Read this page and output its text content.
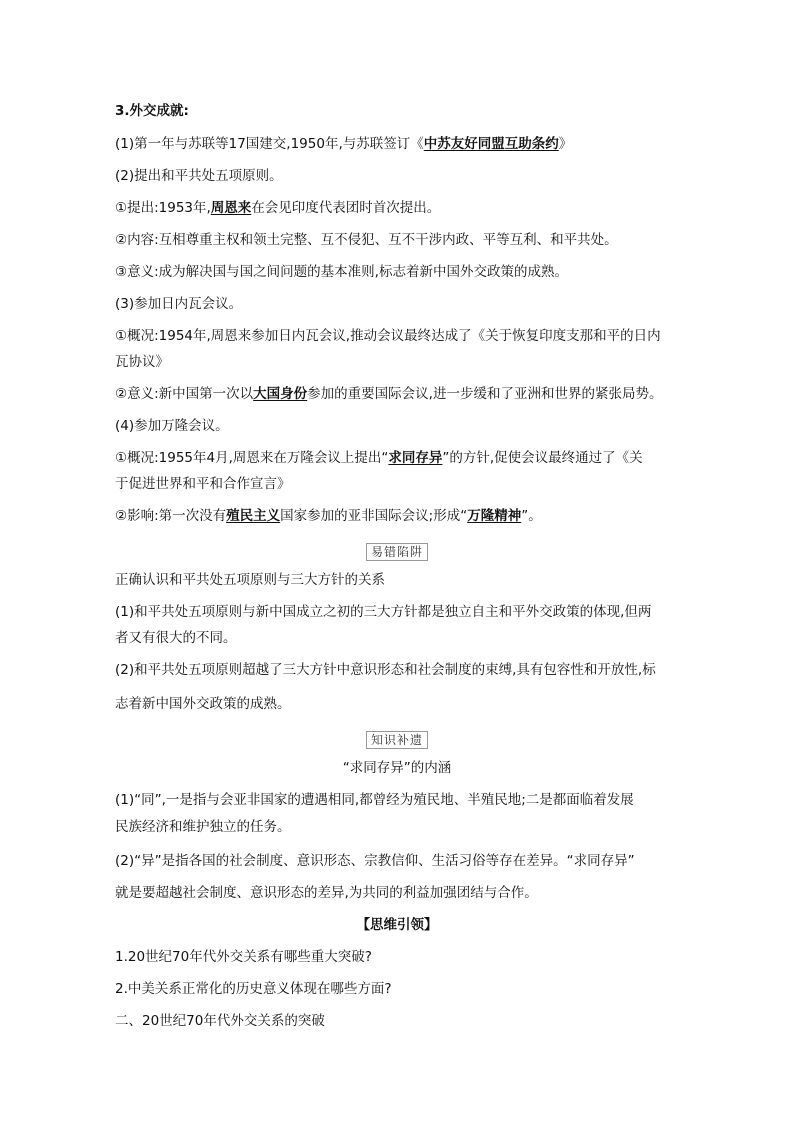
3.外交成就:
(1)第一年与苏联等17国建交,1950年,与苏联签订《中苏友好同盟互助条约》
(2)提出和平共处五项原则。
①提出:1953年,周恩来在会见印度代表团时首次提出。
②内容:互相尊重主权和领土完整、互不侵犯、互不干涉内政、平等互利、和平共处。
③意义:成为解决国与国之间问题的基本准则,标志着新中国外交政策的成熟。
(3)参加日内瓦会议。
①概况:1954年,周恩来参加日内瓦会议,推动会议最终达成了《关于恢复印度支那和平的日内
瓦协议》
②意义:新中国第一次以大国身份参加的重要国际会议,进一步缓和了亚洲和世界的紧张局势。
(4)参加万隆会议。
①概况:1955年4月,周恩来在万隆会议上提出“求同存异”的方针,促使会议最终通过了《关
于促进世界和平和合作宣言》
②影响:第一次没有殖民主义国家参加的亚非国际会议;形成“万隆精神”。
易错陷阱
正确认识和平共处五项原则与三大方针的关系
(1)和平共处五项原则与新中国成立之初的三大方针都是独立自主和平外交政策的体现,但两
者又有很大的不同。
(2)和平共处五项原则超越了三大方针中意识形态和社会制度的束缚,具有包容性和开放性,标
志着新中国外交政策的成熟。
知识补遗
“求同存异”的内涵
(1)“同”,一是指与会亚非国家的遭遇相同,都曾经为殖民地、半殖民地;二是都面临着发展
民族经济和维护独立的任务。
(2)“异”是指各国的社会制度、意识形态、宗教信仰、生活习俗等存在差异。“求同存异”
就是要超越社会制度、意识形态的差异,为共同的利益加强团结与合作。
【思维引领】
1.20世纪70年代外交关系有哪些重大突破?
2.中美关系正常化的历史意义体现在哪些方面?
二、20世纪70年代外交关系的突破
